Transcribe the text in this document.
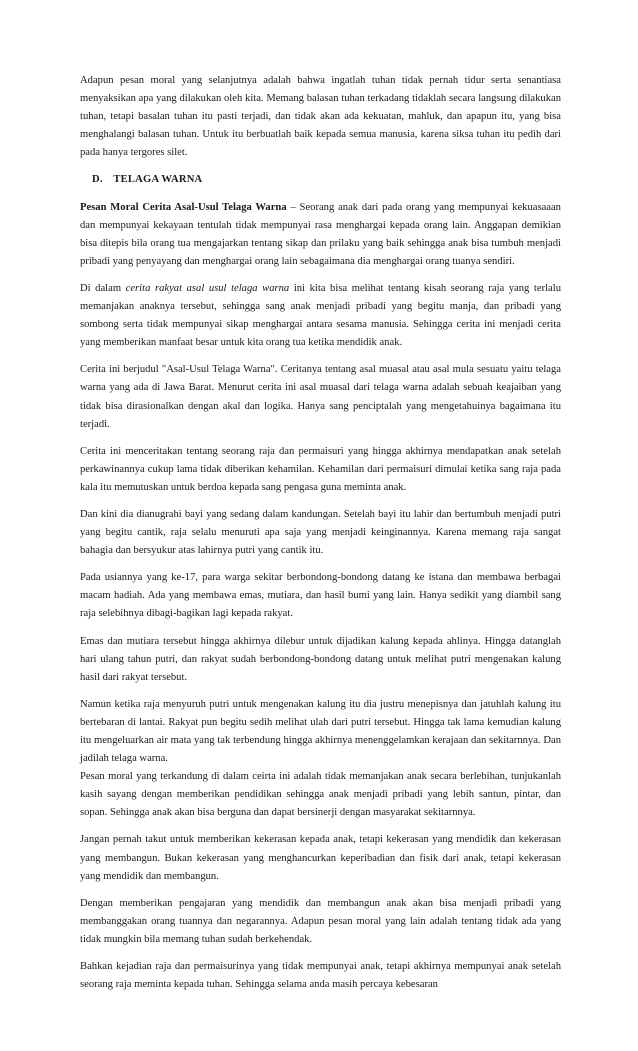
Adapun pesan moral yang selanjutnya adalah bahwa ingatlah tuhan tidak pernah tidur serta senantiasa menyaksikan apa yang dilakukan oleh kita. Memang balasan tuhan terkadang tidaklah secara langsung dilakukan tuhan, tetapi basalan tuhan itu pasti terjadi, dan tidak akan ada kekuatan, mahluk, dan apapun itu, yang bisa menghalangi balasan tuhan. Untuk itu berbuatlah baik kepada semua manusia, karena siksa tuhan itu pedih dari pada hanya tergores silet.

D. TELAGA WARNA

Pesan Moral Cerita Asal-Usul Telaga Warna – Seorang anak dari pada orang yang mempunyai kekuasaaan dan mempunyai kekayaan tentulah tidak mempunyai rasa menghargai kepada orang lain. Anggapan demikian bisa ditepis bila orang tua mengajarkan tentang sikap dan prilaku yang baik sehingga anak bisa tumbuh menjadi pribadi yang penyayang dan menghargai orang lain sebagaimana dia menghargai orang tuanya sendiri.

Di dalam cerita rakyat asal usul telaga warna ini kita bisa melihat tentang kisah seorang raja yang terlalu memanjakan anaknya tersebut, sehingga sang anak menjadi pribadi yang begitu manja, dan pribadi yang sombong serta tidak mempunyai sikap menghargai antara sesama manusia. Sehingga cerita ini menjadi cerita yang memberikan manfaat besar untuk kita orang tua ketika mendidik anak.

Cerita ini berjudul "Asal-Usul Telaga Warna". Ceritanya tentang asal muasal atau asal mula sesuatu yaitu telaga warna yang ada di Jawa Barat. Menurut cerita ini asal muasal dari telaga warna adalah sebuah keajaiban yang tidak bisa dirasionalkan dengan akal dan logika. Hanya sang penciptalah yang mengetahuinya bagaimana itu terjadi.

Cerita ini menceritakan tentang seorang raja dan permaisuri yang hingga akhirnya mendapatkan anak setelah perkawinannya cukup lama tidak diberikan kehamilan. Kehamilan dari permaisuri dimulai ketika sang raja pada kala itu memutuskan untuk berdoa kepada sang pengasa guna meminta anak.

Dan kini dia dianugrahi bayi yang sedang dalam kandungan. Setelah bayi itu lahir dan bertumbuh menjadi putri yang begitu cantik, raja selalu menuruti apa saja yang menjadi keinginannya. Karena memang raja sangat bahagia dan bersyukur atas lahirnya putri yang cantik itu.

Pada usiannya yang ke-17, para warga sekitar berbondong-bondong datang ke istana dan membawa berbagai macam hadiah. Ada yang membawa emas, mutiara, dan hasil bumi yang lain. Hanya sedikit yang diambil sang raja selebihnya dibagi-bagikan lagi kepada rakyat.

Emas dan mutiara tersebut hingga akhirnya dilebur untuk dijadikan kalung kepada ahlinya. Hingga datanglah hari ulang tahun putri, dan rakyat sudah berbondong-bondong datang untuk melihat putri mengenakan kalung hasil dari rakyat tersebut.

Namun ketika raja menyuruh putri untuk mengenakan kalung itu dia justru menepisnya dan jatuhlah kalung itu bertebaran di lantai. Rakyat pun begitu sedih melihat ulah dari putri tersebut. Hingga tak lama kemudian kalung itu mengeluarkan air mata yang tak terbendung hingga akhirnya menenggelamkan kerajaan dan sekitarnnya. Dan jadilah telaga warna.

Pesan moral yang terkandung di dalam ceirta ini adalah tidak memanjakan anak secara berlebihan, tunjukanlah kasih sayang dengan memberikan pendidikan sehingga anak menjadi pribadi yang lebih santun, pintar, dan sopan. Sehingga anak akan bisa berguna dan dapat bersinerji dengan masyarakat sekitarnnya.

Jangan pernah takut untuk memberikan kekerasan kepada anak, tetapi kekerasan yang mendidik dan kekerasan yang membangun. Bukan kekerasan yang menghancurkan keperibadian dan fisik dari anak, tetapi kekerasan yang mendidik dan membangun.

Dengan memberikan pengajaran yang mendidik dan membangun anak akan bisa menjadi pribadi yang membanggakan orang tuannya dan negarannya. Adapun pesan moral yang lain adalah tentang tidak ada yang tidak mungkin bila memang tuhan sudah berkehendak.

Bahkan kejadian raja dan permaisurinya yang tidak mempunyai anak, tetapi akhirnya mempunyai anak setelah seorang raja meminta kepada tuhan. Sehingga selama anda masih percaya kebesaran
